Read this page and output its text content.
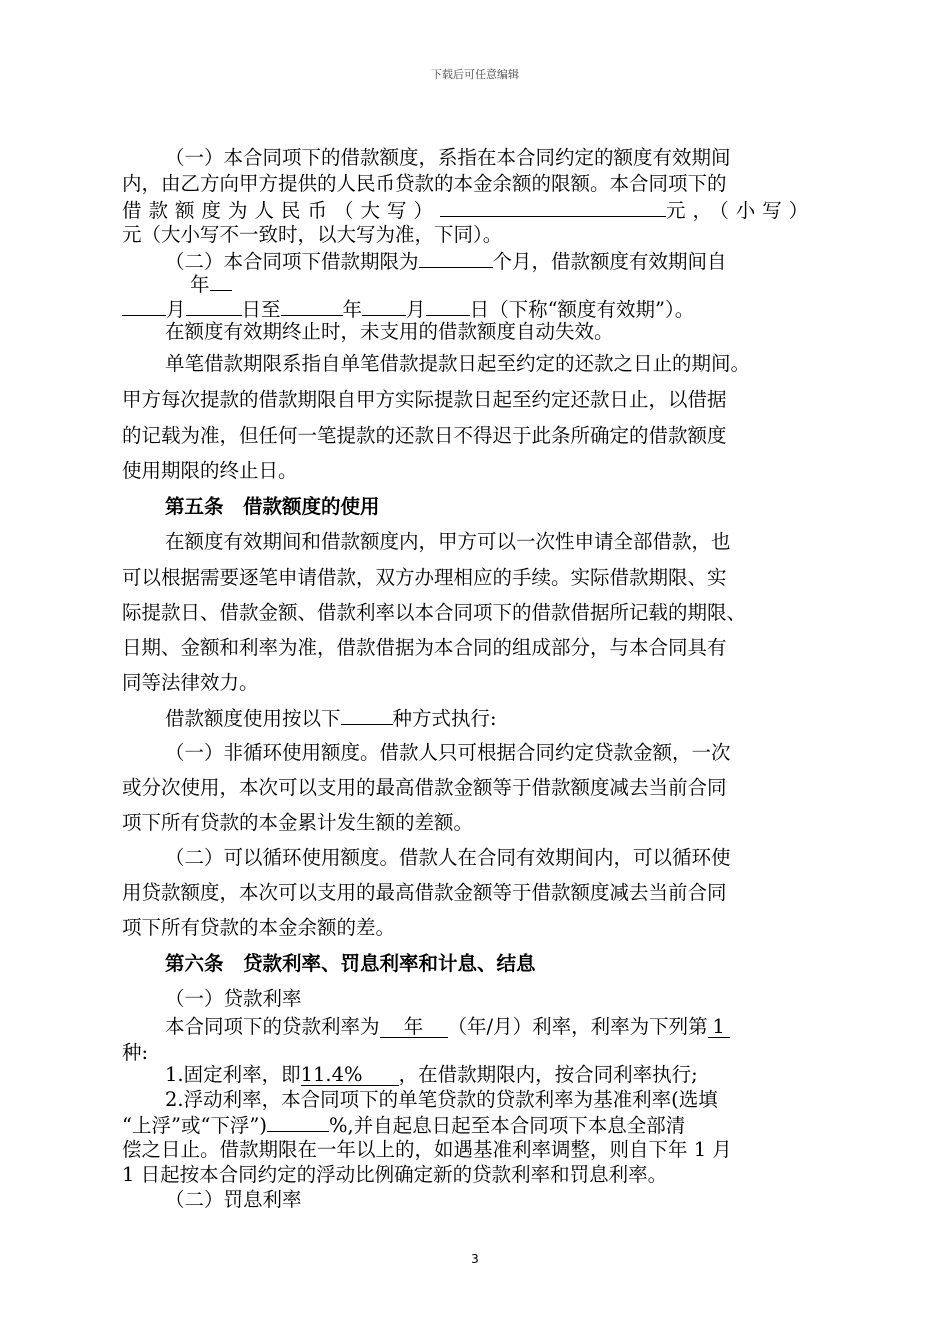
下载后可任意编辑
（一）本合同项下的借款额度，系指在本合同约定的额度有效期间
内，由乙方向甲方提供的人民币贷款的本金余额的限额。本合同项下的
借款额度为人民币（大写）	元，（小写）
元（大小写不一致时，以大写为准，下同）。
（二）本合同项下借款期限为	个月，借款额度有效期间自
年
月	日至	年 月 日（下称“额度有效期”）。
在额度有效期终止时，未支用的借款额度自动失效。
单笔借款期限系指自单笔借款提款日起至约定的还款之日止的期间。
甲方每次提款的借款期限自甲方实际提款日起至约定还款日止，以借据
的记载为准，但任何一笔提款的还款日不得迟于此条所确定的借款额度
使用期限的终止日。
第五条　借款额度的使用
在额度有效期间和借款额度内，甲方可以一次性申请全部借款，也
可以根据需要逐笔申请借款，双方办理相应的手续。实际借款期限、实
际提款日、借款金额、借款利率以本合同项下的借款借据所记载的期限、
日期、金额和利率为准，借款借据为本合同的组成部分，与本合同具有
同等法律效力。
借款额度使用按以下	种方式执行:
（一）非循环使用额度。借款人只可根据合同约定贷款金额，一次
或分次使用，本次可以支用的最高借款金额等于借款额度减去当前合同
项下所有贷款的本金累计发生额的差额。
（二）可以循环使用额度。借款人在合同有效期间内，可以循环使
用贷款额度，本次可以支用的最高借款金额等于借款额度减去当前合同
项下所有贷款的本金余额的差。
第六条　贷款利率、罚息利率和计息、结息
（一）贷款利率
本合同项下的贷款利率为 年 （年/月）利率，利率为下列第 1
种:
1.固定利率，即11.4% ，在借款期限内，按合同利率执行;
2.浮动利率，本合同项下的单笔贷款的贷款利率为基准利率(选填
“上浮”或“下浮”)	%,并自起息日起至本合同项下本息全部清
偿之日止。借款期限在一年以上的，如遇基准利率调整，则自下年 1 月
1 日起按本合同约定的浮动比例确定新的贷款利率和罚息利率。
（二）罚息利率
3
